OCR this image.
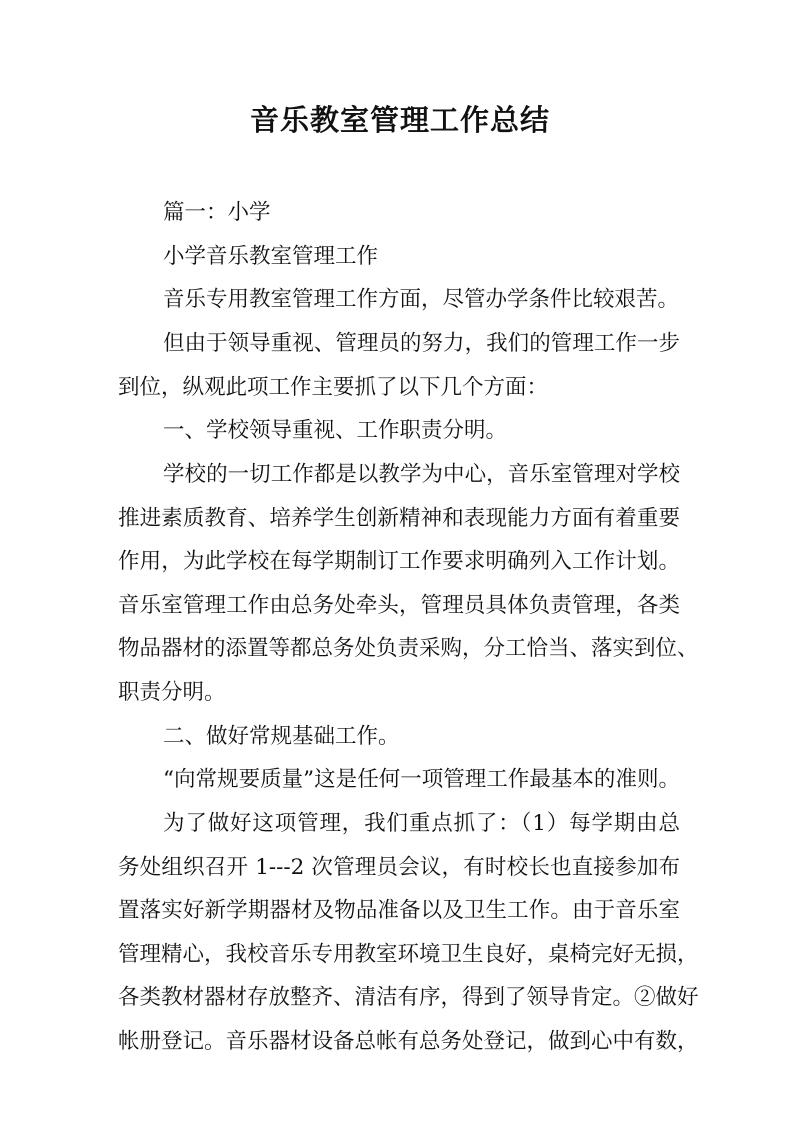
音乐教室管理工作总结
篇一：小学
小学音乐教室管理工作
音乐专用教室管理工作方面，尽管办学条件比较艰苦。
但由于领导重视、管理员的努力，我们的管理工作一步
到位，纵观此项工作主要抓了以下几个方面：
一、学校领导重视、工作职责分明。
学校的一切工作都是以教学为中心，音乐室管理对学校
推进素质教育、培养学生创新精神和表现能力方面有着重要
作用，为此学校在每学期制订工作要求明确列入工作计划。
音乐室管理工作由总务处牵头，管理员具体负责管理，各类
物品器材的添置等都总务处负责采购，分工恰当、落实到位、
职责分明。
二、做好常规基础工作。
“向常规要质量”这是任何一项管理工作最基本的准则。
为了做好这项管理，我们重点抓了：（1）每学期由总
务处组织召开 1---2 次管理员会议，有时校长也直接参加布
置落实好新学期器材及物品准备以及卫生工作。由于音乐室
管理精心，我校音乐专用教室环境卫生良好，桌椅完好无损，
各类教材器材存放整齐、清洁有序，得到了领导肯定。②做好
帐册登记。音乐器材设备总帐有总务处登记，做到心中有数，
